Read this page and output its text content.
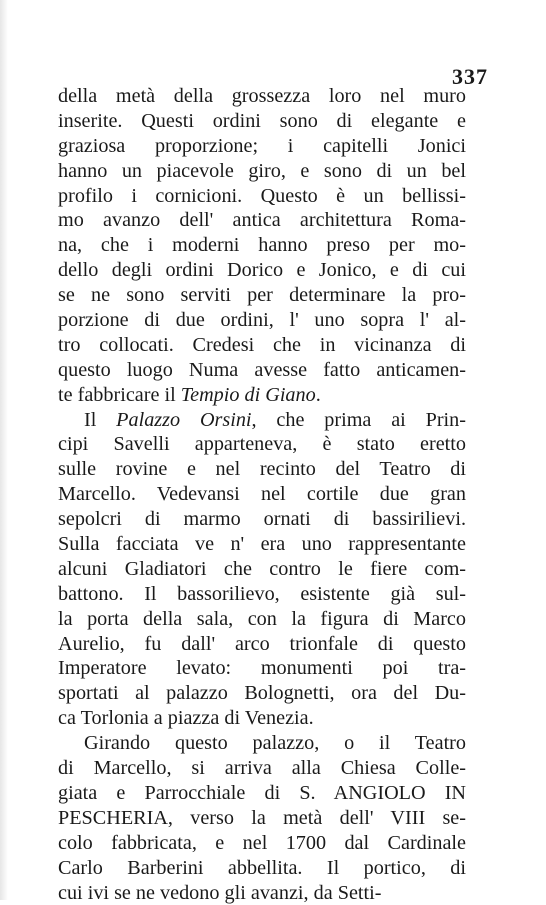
337
della metà della grossezza loro nel muro
inserite. Questi ordini sono di elegante e
graziosa proporzione; i capitelli Jonici
hanno un piacevole giro, e sono di un bel
profilo i cornicioni. Questo è un bellissi-
mo avanzo dell' antica architettura Roma-
na, che i moderni hanno preso per mo-
dello degli ordini Dorico e Jonico, e di cui
se ne sono serviti per determinare la pro-
porzione di due ordini, l' uno sopra l' al-
tro collocati. Credesi che in vicinanza di
questo luogo Numa avesse fatto anticamen-
te fabbricare il Tempio di Giano.
Il Palazzo Orsini, che prima ai Prin-
cipi Savelli apparteneva, è stato eretto
sulle rovine e nel recinto del Teatro di
Marcello. Vedevansi nel cortile due gran
sepolcri di marmo ornati di bassirilievi.
Sulla facciata ve n' era uno rappresentante
alcuni Gladiatori che contro le fiere com-
battono. Il bassorilievo, esistente già sul-
la porta della sala, con la figura di Marco
Aurelio, fu dall' arco trionfale di questo
Imperatore levato: monumenti poi tra-
sportati al palazzo Bolognetti, ora del Du-
ca Torlonia a piazza di Venezia.
Girando questo palazzo, o il Teatro
di Marcello, si arriva alla Chiesa Colle-
giata e Parrocchiale di S. ANGIOLO IN
PESCHERIA, verso la metà dell' VIII se-
colo fabbricata, e nel 1700 dal Cardinale
Carlo Barberini abbellita. Il portico, di
cui ivi se ne vedono gli avanzi, da Setti-
